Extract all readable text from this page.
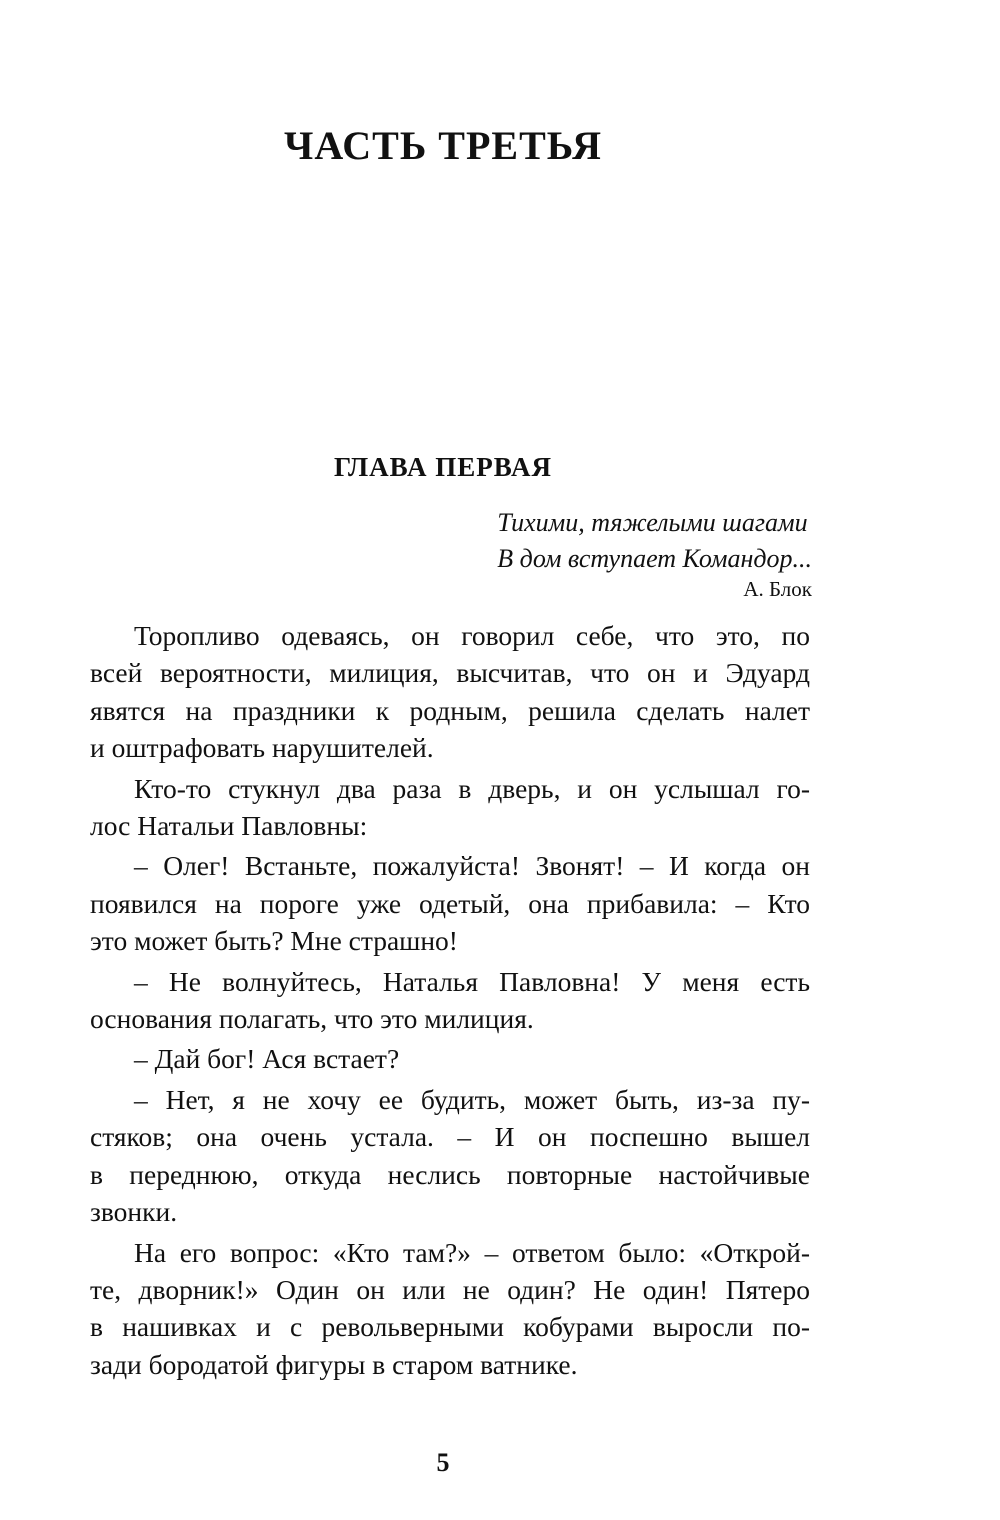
ЧАСТЬ ТРЕТЬЯ
ГЛАВА ПЕРВАЯ
Тихими, тяжелыми шагами
В дом вступает Командор...
А. Блок
Торопливо одеваясь, он говорил себе, что это, по
всей вероятности, милиция, высчитав, что он и Эдуард
явятся на праздники к родным, решила сделать налет
и оштрафовать нарушителей.
Кто-то стукнул два раза в дверь, и он услышал го-
лос Натальи Павловны:
– Олег! Встаньте, пожалуйста! Звонят! – И когда он
появился на пороге уже одетый, она прибавила: – Кто
это может быть? Мне страшно!
– Не волнуйтесь, Наталья Павловна! У меня есть
основания полагать, что это милиция.
– Дай бог! Ася встает?
– Нет, я не хочу ее будить, может быть, из-за пу-
стяков; она очень устала. – И он поспешно вышел
в переднюю, откуда неслись повторные настойчивые
звонки.
На его вопрос: «Кто там?» – ответом было: «Открой-
те, дворник!» Один он или не один? Не один! Пятеро
в нашивках и с револьверными кобурами выросли по-
зади бородатой фигуры в старом ватнике.
5
